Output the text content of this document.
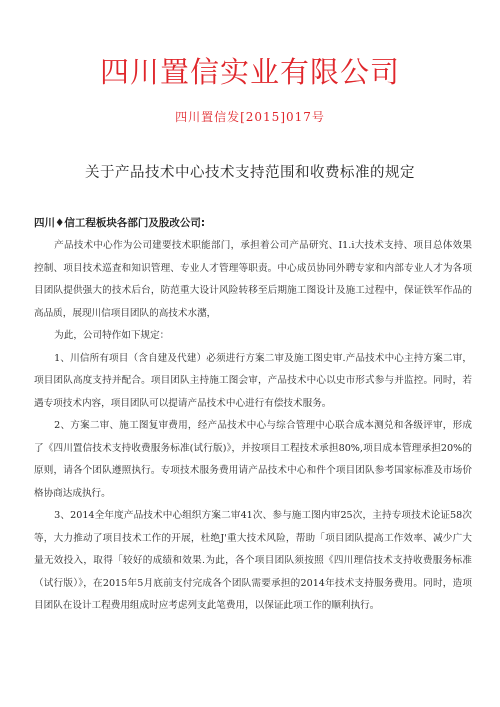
四川置信实业有限公司
四川置信发[2015]017号
关于产品技术中心技术支持范围和收费标准的规定
四川♦信工程板块各部门及股改公司:

产品技术中心作为公司建要技术职能部门，承担着公司产品研究、I1.i大技术支持、项目总体效果控制、项目技术巡査和知识管理、专业人才管理等职责。中心成员协同外聘专家和内部专业人才为各项目团队提供强大的技术后台，防范重大设计风险转移至后期施工图设计及施工过程中，保证铁军作品的高品质，展现川信项目团队的高技术水潴，

为此，公司特作如下规定：

1、川信所有项目（含自建及代建）必须进行方案二审及施工图史审.产品技术中心主持方案二审，项目团队高度支持并配合。项目团队主持施工图会审，产品技术中心以史市形式参与并监控。同时，若遇专项技术内容，项目团队可以提请产品技术中心进行有偿技术服务。

2、方案二审、施工图复审费用，经产品技术中心与综合管理中心联合成本测兑和各级评审，形成了《四川置信技术支持收费服务标准(试行版)》，并按项目工程技术承担80%,项目成本管理承担20%的原则，请各个团队遵照执行。专项技术服务费用请产品技术中心和件个项目团队参考国家标准及市场价格协商达成执行。

3、2014全年度产品技术中心组织方案二审41次、参与施工图内审25次，主持专项技术论证58次等，大力推动了项目技术工作的开展，杜绝J'重大技术风险，帮助「项目团队提高工作效率、减少广大量无效投入，取得「较好的成绩和效果.为此，各个项目团队须按照《四川理信技术支持收费服务标准（试行版）》，在2015年5月底前支付完成各个团队需要承担的2014年技术支持服务费用。同时，造项目团队在设计工程费用组成时应考虑列支此笔费用，以保证此项工作的顺利执行。
